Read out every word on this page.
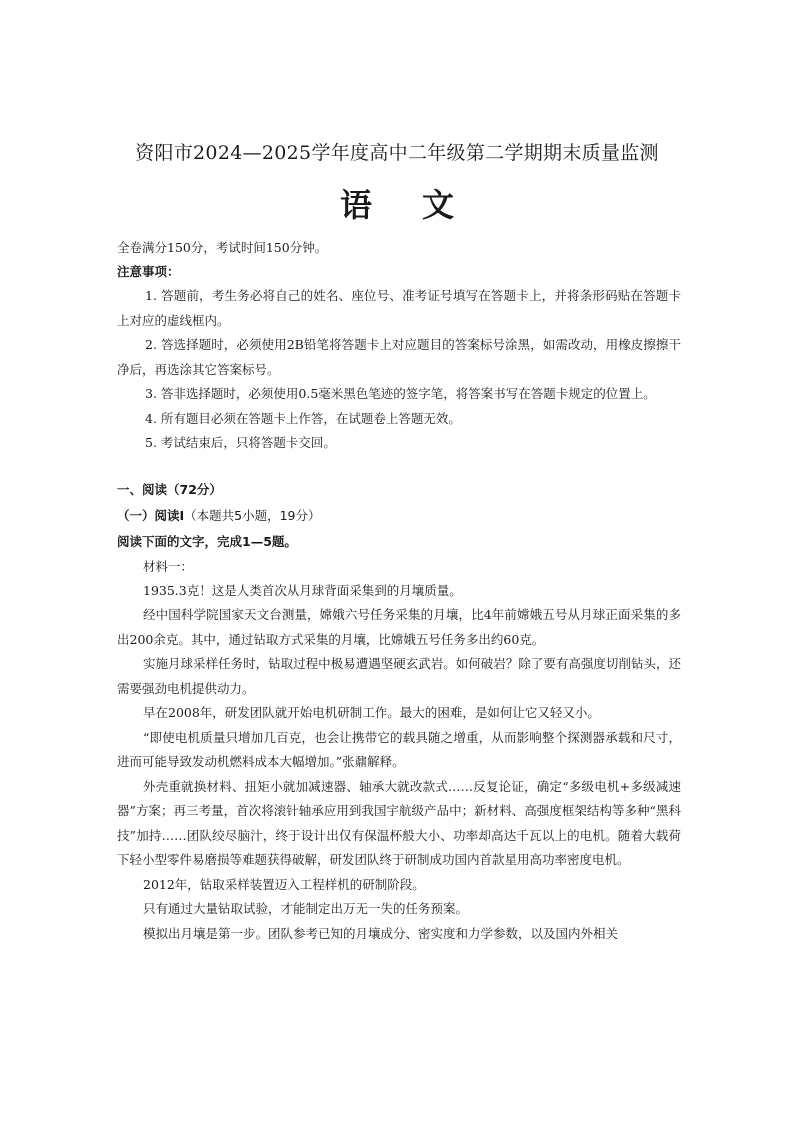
资阳市2024—2025学年度高中二年级第二学期期末质量监测
语文

全卷满分150分，考试时间150分钟。

注意事项：

1. 答题前，考生务必将自己的姓名、座位号、准考证号填写在答题卡上，并将条形码贴在答题卡上对应的虚线框内。

2. 答选择题时，必须使用2B铅笔将答题卡上对应题目的答案标号涂黑，如需改动，用橡皮擦擦干净后，再选涂其它答案标号。

3. 答非选择题时，必须使用0.5毫米黑色笔迹的签字笔，将答案书写在答题卡规定的位置上。

4. 所有题目必须在答题卡上作答，在试题卷上答题无效。

5. 考试结束后，只将答题卡交回。

一、阅读（72分）

（一）阅读Ⅰ（本题共5小题，19分）

阅读下面的文字，完成1—5题。

材料一：

1935.3克！这是人类首次从月球背面采集到的月壤质量。

经中国科学院国家天文台测量，嫦娥六号任务采集的月壤，比4年前嫦娥五号从月球正面采集的多出200余克。其中，通过钻取方式采集的月壤，比嫦娥五号任务多出约60克。

实施月球采样任务时，钻取过程中极易遭遇坚硬玄武岩。如何破岩？除了要有高强度切削钻头，还需要强劲电机提供动力。

早在2008年，研发团队就开始电机研制工作。最大的困难，是如何让它又轻又小。

“即使电机质量只增加几百克，也会让携带它的载具随之增重，从而影响整个探测器承载和尺寸，进而可能导致发动机燃料成本大幅增加。”张鼐解释。

外壳重就换材料、扭矩小就加减速器、轴承大就改款式……反复论证，确定“多级电机+多级减速器”方案；再三考量，首次将滚针轴承应用到我国宇航级产品中；新材料、高强度框架结构等多种“黑科技”加持……团队绞尽脑汁，终于设计出仅有保温杯般大小、功率却高达千瓦以上的电机。随着大载荷下轻小型零件易磨损等难题获得破解，研发团队终于研制成功国内首款星用高功率密度电机。

2012年，钻取采样装置迈入工程样机的研制阶段。

只有通过大量钻取试验，才能制定出万无一失的任务预案。

模拟出月壤是第一步。团队参考已知的月壤成分、密实度和力学参数，以及国内外相关
